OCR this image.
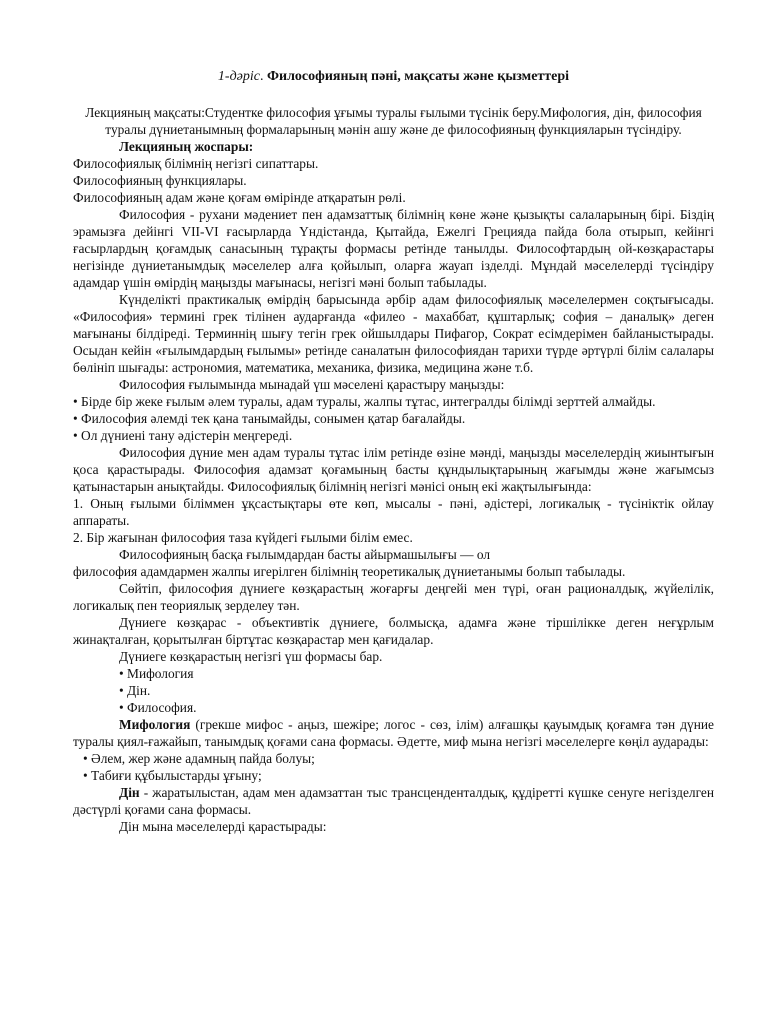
1-дәріс. Философияның пәні, мақсаты және қызметтері

Лекцияның мақсаты:Студентке философия ұғымы туралы ғылыми түсінік беру.Мифология, дін, философия туралы дүниетанымның формаларының мәнін ашу және де философияның функцияларын түсіндіру.

Лекцияның жоспары:

Философиялық білімнің негізгі сипаттары.

Философияның функциялары.

Философияның адам және қоғам өмірінде атқаратын рөлі.

Философия - рухани мәдениет пен адамзаттық білімнің көне және қызықты салаларының бірі. Біздің эрамызға дейінгі VII-VI ғасырларда Үндістанда, Қытайда, Ежелгі Грецияда пайда бола отырып, кейінгі ғасырлардың қоғамдық санасының тұрақты формасы ретінде танылды. Философтардың ой-көзқарастары негізінде дүниетанымдық мәселелер алға қойылып, оларға жауап ізделді. Мұндай мәселелерді түсіндіру адамдар үшін өмірдің маңызды мағынасы, негізгі мәні болып табылады.

Күнделікті практикалық өмірдің барысында әрбір адам философиялық мәселелермен соқтығысады. «Философия» термині грек тілінен аударғанда «филео - махаббат, құштарлық; софия – даналық» деген мағынаны білдіреді. Терминнің шығу тегін грек ойшылдары Пифагор, Сократ есімдерімен байланыстырады. Осыдан кейін «ғылымдардың ғылымы» ретінде саналатын философиядан тарихи түрде әртүрлі білім салалары бөлініп шығады: астрономия, математика, механика, физика, медицина және т.б.

Философия ғылымында мынадай үш мәселені қарастыру маңызды:

• Бірде бір жеке ғылым әлем туралы, адам туралы, жалпы тұтас, интегралды білімді зерттей алмайды.

• Философия әлемді тек қана танымайды, сонымен қатар бағалайды.

• Ол дүниені тану әдістерін меңгереді.

Философия дүние мен адам туралы тұтас ілім ретінде өзіне мәнді, маңызды мәселелердің жиынтығын қоса қарастырады. Философия адамзат қоғамының басты құндылықтарының жағымды және жағымсыз қатынастарын анықтайды. Философиялық білімнің негізгі мәнісі оның екі жақтылығында:

1. Оның ғылыми біліммен ұқсастықтары өте көп, мысалы - пәні, әдістері, логикалық - түсініктік ойлау аппараты.

2. Бір жағынан философия таза күйдегі ғылыми білім емес.

Философияның басқа ғылымдардан басты айырмашылығы — ол

философия адамдармен жалпы игерілген білімнің теоретикалық дүниетанымы болып табылады.

Сөйтіп, философия дүниеге көзқарастың жоғарғы деңгейі мен түрі, оған рационалдық, жүйелілік, логикалық пен теориялық зерделеу тән.

Дүниеге көзқарас - объективтік дүниеге, болмысқа, адамға және тіршілікке деген неғұрлым жинақталған, қорытылған біртұтас көзқарастар мен қағидалар.

Дүниеге көзқарастың негізгі үш формасы бар.

• Мифология

• Дін.

• Философия.

Мифология (грекше мифос - аңыз, шежіре; логос - сөз, ілім) алғашқы қауымдық қоғамға тән дүние туралы қиял-ғажайып, танымдық қоғами сана формасы. Әдетте, миф мына негізгі мәселелерге көңіл аударады:

• Әлем, жер және адамның пайда болуы;

• Табиғи құбылыстарды ұғыну;

Дін - жаратылыстан, адам мен адамзаттан тыс трансценденталдық, құдіретті күшке сенуге негізделген дәстүрлі қоғами сана формасы.

Дін мына мәселелерді қарастырады:
